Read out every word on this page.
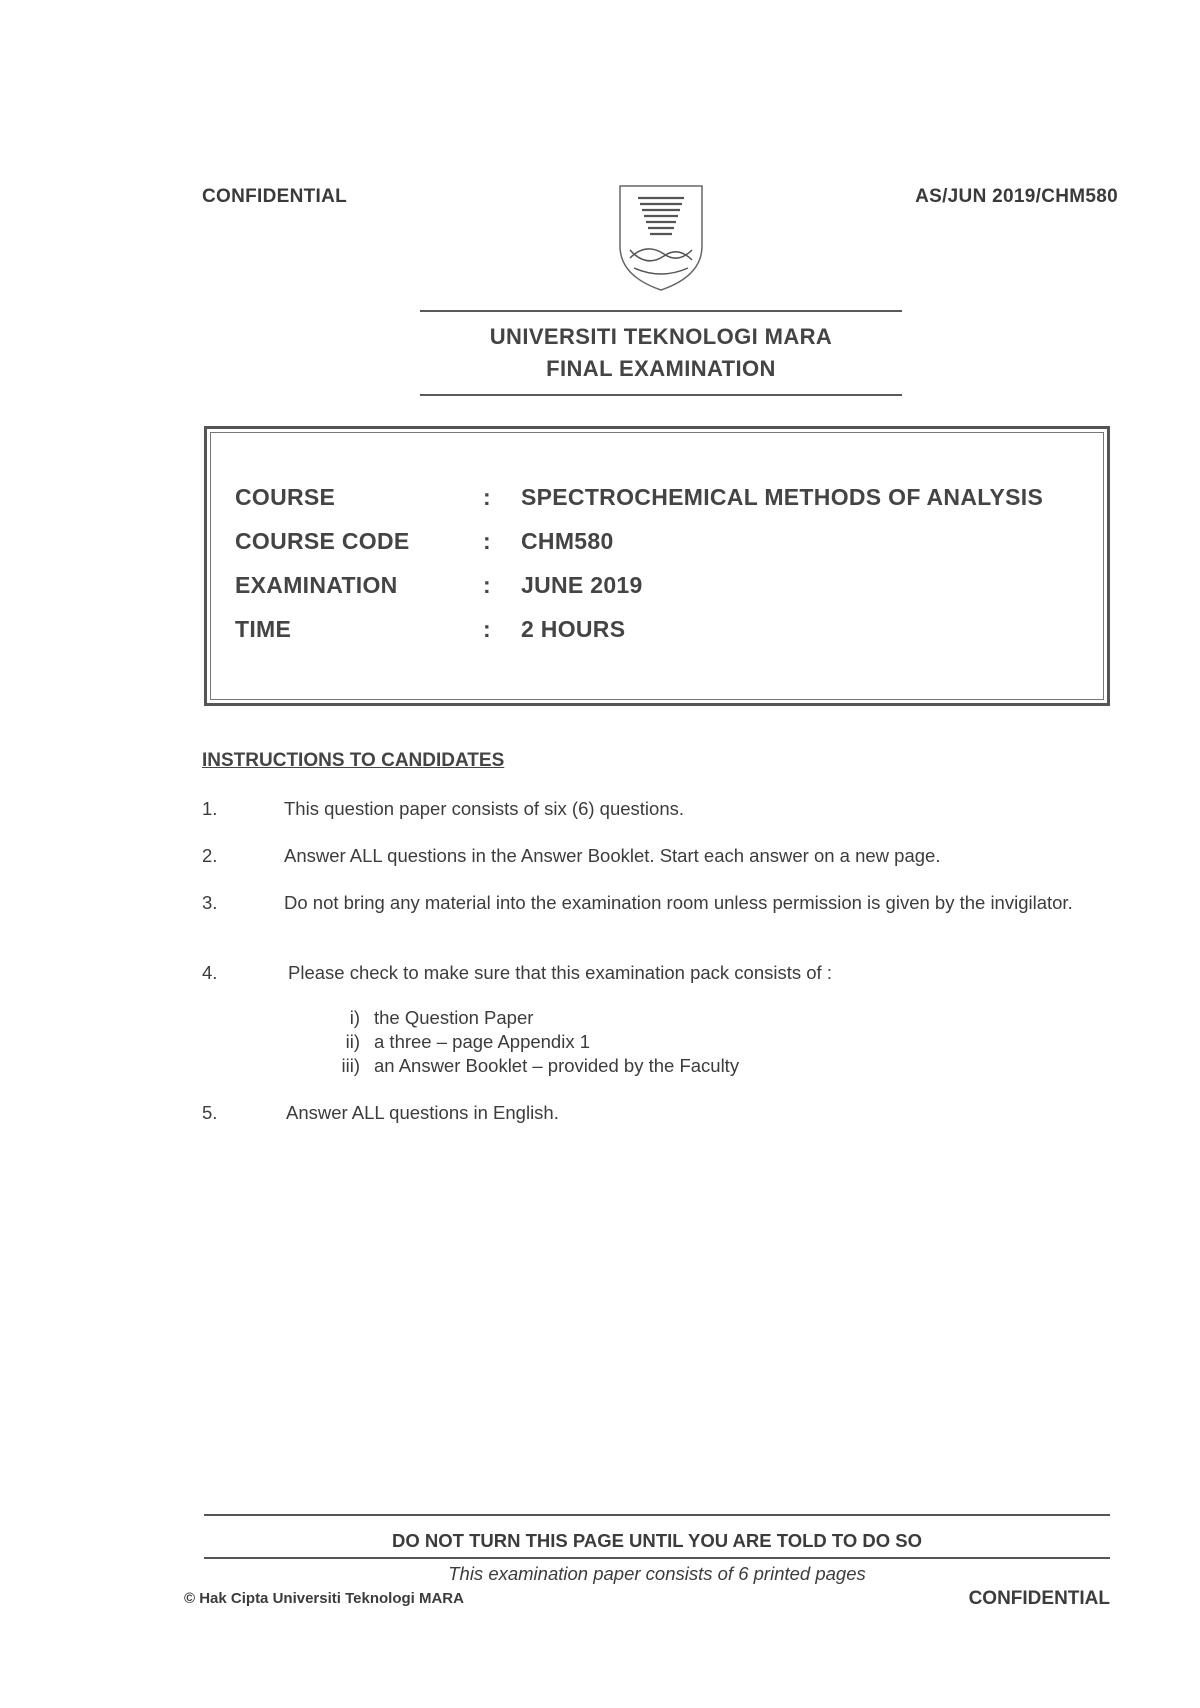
CONFIDENTIAL	AS/JUN 2019/CHM580
UNIVERSITI TEKNOLOGI MARA
FINAL EXAMINATION
COURSE	: SPECTROCHEMICAL METHODS OF ANALYSIS
COURSE CODE	: CHM580
EXAMINATION	: JUNE 2019
TIME	: 2 HOURS
INSTRUCTIONS TO CANDIDATES
1.	This question paper consists of six (6) questions.
2.	Answer ALL questions in the Answer Booklet. Start each answer on a new page.
3.	Do not bring any material into the examination room unless permission is given by the invigilator.
4.	Please check to make sure that this examination pack consists of :
i) the Question Paper
ii) a three – page Appendix 1
iii) an Answer Booklet – provided by the Faculty
5.	Answer ALL questions in English.
DO NOT TURN THIS PAGE UNTIL YOU ARE TOLD TO DO SO
This examination paper consists of 6 printed pages
© Hak Cipta Universiti Teknologi MARA	CONFIDENTIAL
